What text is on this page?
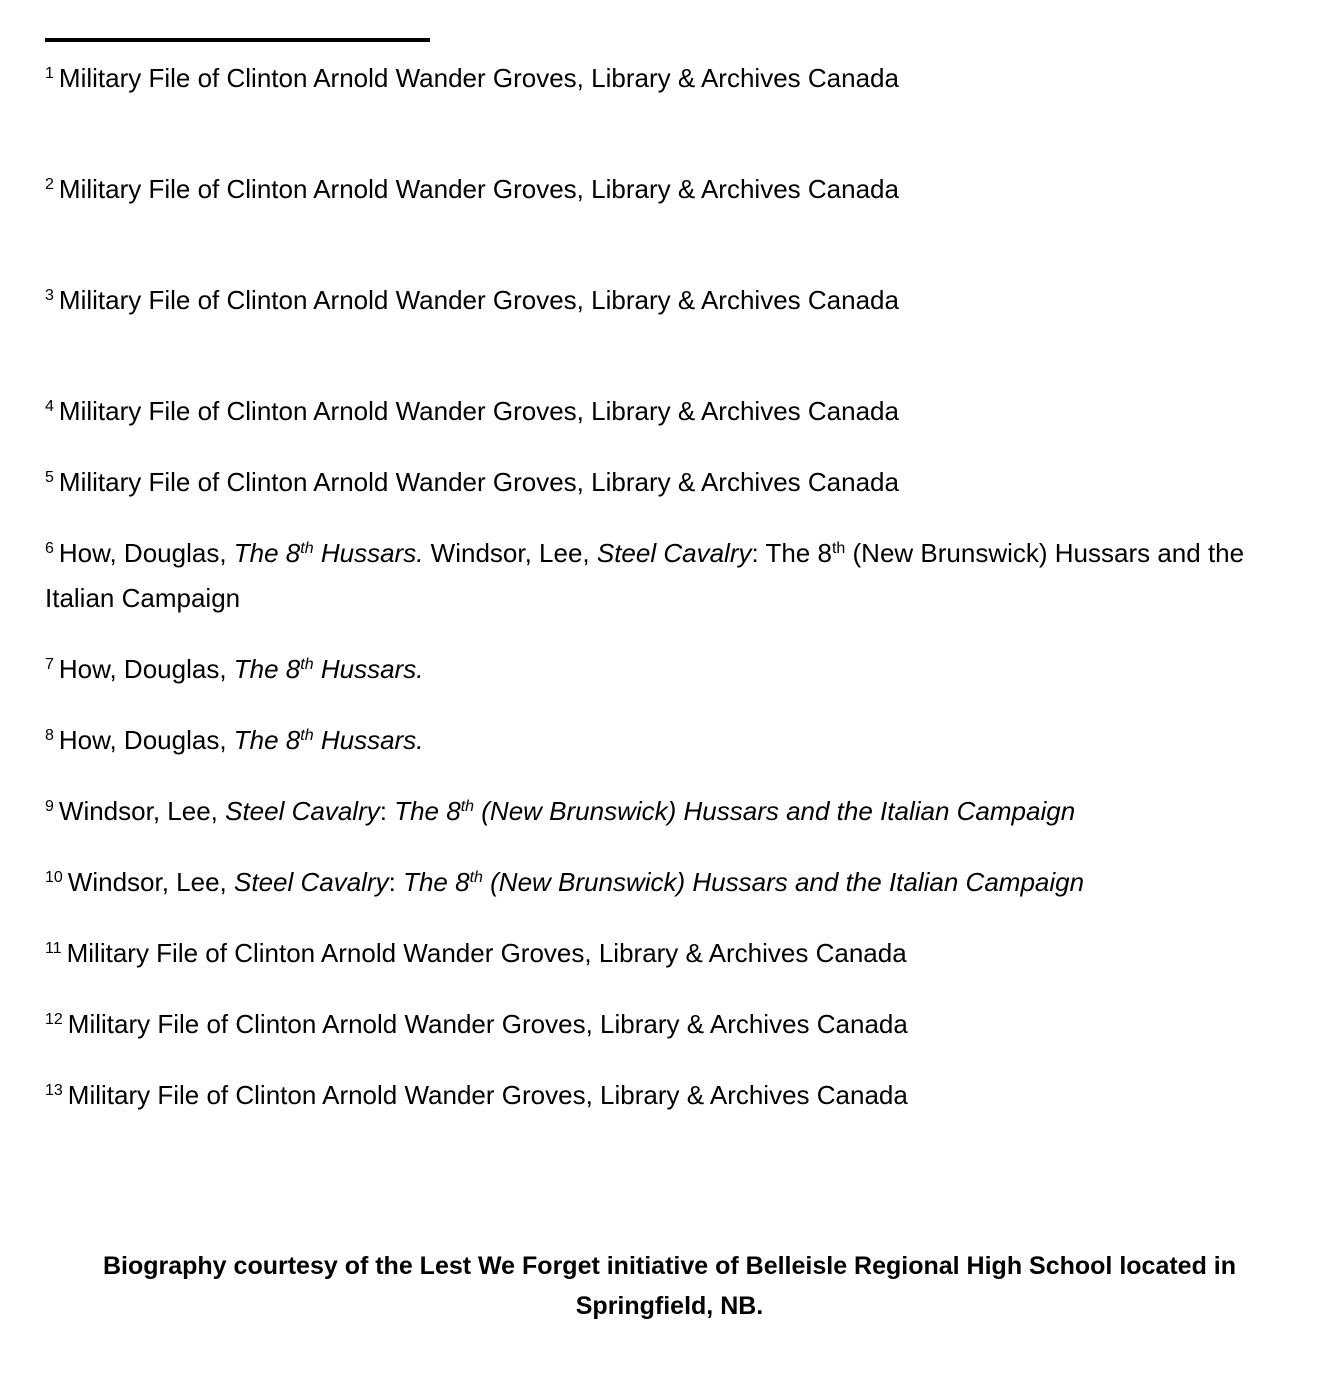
$^1$ Military File of Clinton Arnold Wander Groves, Library & Archives Canada

$^2$ Military File of Clinton Arnold Wander Groves, Library & Archives Canada

$^3$ Military File of Clinton Arnold Wander Groves, Library & Archives Canada

$^4$ Military File of Clinton Arnold Wander Groves, Library & Archives Canada

$^5$ Military File of Clinton Arnold Wander Groves, Library & Archives Canada

$^6$ How, Douglas, The 8th Hussars. Windsor, Lee, Steel Cavalry: The 8th (New Brunswick) Hussars and the Italian Campaign

$^7$ How, Douglas, The 8th Hussars.

$^8$ How, Douglas, The 8th Hussars.

$^9$ Windsor, Lee, Steel Cavalry: The 8th (New Brunswick) Hussars and the Italian Campaign

$^{10}$ Windsor, Lee, Steel Cavalry: The 8th (New Brunswick) Hussars and the Italian Campaign

$^{11}$ Military File of Clinton Arnold Wander Groves, Library & Archives Canada

$^{12}$ Military File of Clinton Arnold Wander Groves, Library & Archives Canada

$^{13}$ Military File of Clinton Arnold Wander Groves, Library & Archives Canada

Biography courtesy of the Lest We Forget initiative of Belleisle Regional High School located in Springfield, NB.
